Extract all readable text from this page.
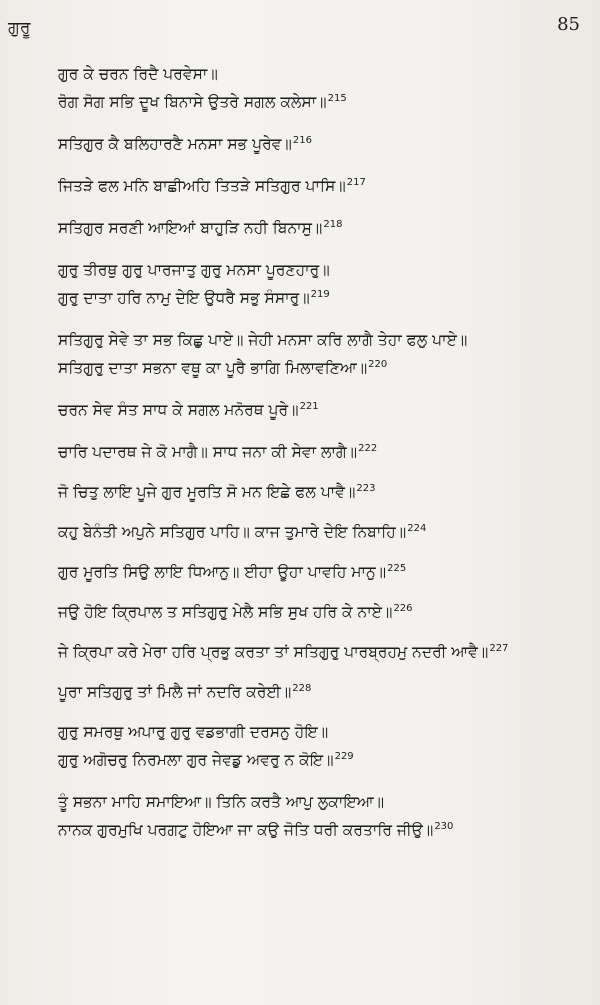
ਗੁਰੂ	85
ਗੁਰ ਕੇ ਚਰਨ ਰਿਦੈ ਪਰਵੇਸਾ॥
ਰੋਗ ਸੋਗ ਸਭਿ ਦੂਖ ਬਿਨਾਸੇ ਉਤਰੇ ਸਗਲ ਕਲੇਸਾ॥$^{215}$
ਸਤਿਗੁਰ ਕੈ ਬਲਿਹਾਰਣੈ ਮਨਸਾ ਸਭ ਪੂਰੇਵ॥$^{216}$
ਜਿਤੜੇ ਫਲ ਮਨਿ ਬਾਛੀਅਹਿ ਤਿਤੜੇ ਸਤਿਗੁਰ ਪਾਸਿ॥$^{217}$
ਸਤਿਗੁਰ ਸਰਣੀ ਆਇਆਂ ਬਾਹੁੜਿ ਨਹੀ ਬਿਨਾਸੁ॥$^{218}$
ਗੁਰੁ ਤੀਰਥੁ ਗੁਰੁ ਪਾਰਜਾਤੁ ਗੁਰੁ ਮਨਸਾ ਪੂਰਣਹਾਰੁ॥
ਗੁਰੁ ਦਾਤਾ ਹਰਿ ਨਾਮੁ ਦੇਇ ਉਧਰੈ ਸਭੁ ਸੰਸਾਰੁ॥$^{219}$
ਸਤਿਗੁਰੁ ਸੇਵੇ ਤਾ ਸਭ ਕਿਛੁ ਪਾਏ॥ ਜੇਹੀ ਮਨਸਾ ਕਰਿ ਲਾਗੈ ਤੇਹਾ ਫਲੁ ਪਾਏ॥
ਸਤਿਗੁਰੁ ਦਾਤਾ ਸਭਨਾ ਵਥੂ ਕਾ ਪੂਰੈ ਭਾਗਿ ਮਿਲਾਵਣਿਆ॥$^{220}$
ਚਰਨ ਸੇਵ ਸੰਤ ਸਾਧ ਕੇ ਸਗਲ ਮਨੋਰਥ ਪੂਰੇ॥$^{221}$
ਚਾਰਿ ਪਦਾਰਥ ਜੇ ਕੋ ਮਾਗੈ॥ ਸਾਧ ਜਨਾ ਕੀ ਸੇਵਾ ਲਾਗੈ॥$^{222}$
ਜੋ ਚਿਤੁ ਲਾਇ ਪੂਜੇ ਗੁਰ ਮੂਰਤਿ ਸੋ ਮਨ ਇਛੇ ਫਲ ਪਾਵੈ॥$^{223}$
ਕਹੁ ਬੇਨੰਤੀ ਅਪੁਨੇ ਸਤਿਗੁਰ ਪਾਹਿ॥ ਕਾਜ ਤੁਮਾਰੇ ਦੇਇ ਨਿਬਾਹਿ॥$^{224}$
ਗੁਰ ਮੂਰਤਿ ਸਿਉ ਲਾਇ ਧਿਆਨੁ॥ ਈਹਾ ਊਹਾ ਪਾਵਹਿ ਮਾਨੁ॥$^{225}$
ਜਉ ਹੋਇ ਕ੍ਰਿਪਾਲ ਤ ਸਤਿਗੁਰੁ ਮੇਲੈ ਸਭਿ ਸੁਖ ਹਰਿ ਕੇ ਨਾਏ॥$^{226}$
ਜੇ ਕ੍ਰਿਪਾ ਕਰੇ ਮੇਰਾ ਹਰਿ ਪ੍ਰਭੁ ਕਰਤਾ ਤਾਂ ਸਤਿਗੁਰੁ ਪਾਰਬ੍ਰਹਮੁ ਨਦਰੀ ਆਵੈ॥$^{227}$
ਪੂਰਾ ਸਤਿਗੁਰੁ ਤਾਂ ਮਿਲੈ ਜਾਂ ਨਦਰਿ ਕਰੇਈ॥$^{228}$
ਗੁਰੁ ਸਮਰਥੁ ਅਪਾਰੁ ਗੁਰੁ ਵਡਭਾਗੀ ਦਰਸਨੁ ਹੋਇ॥
ਗੁਰੁ ਅਗੋਚਰੁ ਨਿਰਮਲਾ ਗੁਰ ਜੇਵਡੁ ਅਵਰੁ ਨ ਕੋਇ॥$^{229}$
ਤੂੰ ਸਭਨਾ ਮਾਹਿ ਸਮਾਇਆ॥ ਤਿਨਿ ਕਰਤੈ ਆਪੁ ਲੁਕਾਇਆ॥
ਨਾਨਕ ਗੁਰਮੁਖਿ ਪਰਗਟੁ ਹੋਇਆ ਜਾ ਕਉ ਜੋਤਿ ਧਰੀ ਕਰਤਾਰਿ ਜੀਉ॥$^{230}$
